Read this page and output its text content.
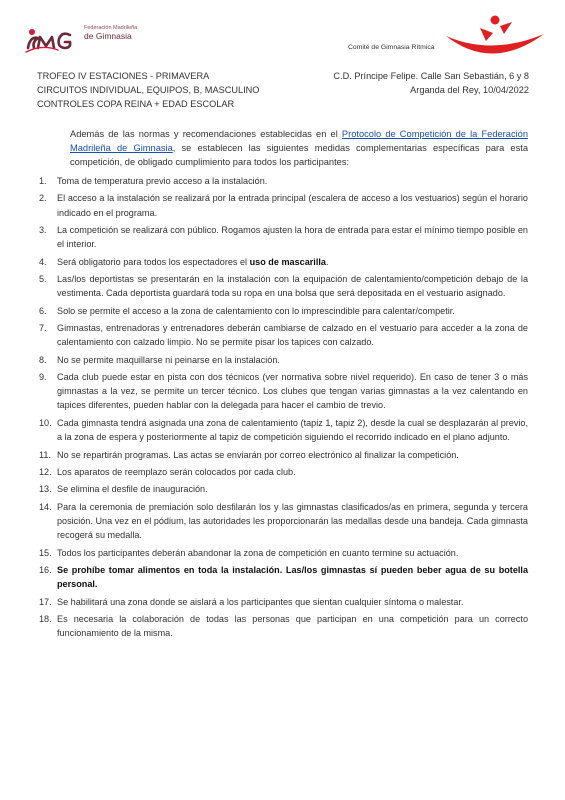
Federación Madrileña
de Gimnasia
Comité de Gimnasia Rítmica
TROFEO IV ESTACIONES - PRIMAVERA
CIRCUITOS INDIVIDUAL, EQUIPOS, B, MASCULINO
CONTROLES COPA REINA + EDAD ESCOLAR
C.D. Príncipe Felipe. Calle San Sebastián, 6 y 8
Arganda del Rey, 10/04/2022
Además de las normas y recomendaciones establecidas en el Protocolo de Competición de la Federación Madrileña de Gimnasia, se establecen las siguientes medidas complementarias específicas para esta competición, de obligado cumplimiento para todos los participantes:
1.	Toma de temperatura previo acceso a la instalación.
2.	El acceso a la instalación se realizará por la entrada principal (escalera de acceso a los vestuarios) según el horario indicado en el programa.
3.	La competición se realizará con público. Rogamos ajusten la hora de entrada para estar el mínimo tiempo posible en el interior.
4.	Será obligatorio para todos los espectadores el uso de mascarilla.
5.	Las/los deportistas se presentarán en la instalación con la equipación de calentamiento/competición debajo de la vestimenta. Cada deportista guardará toda su ropa en una bolsa que será depositada en el vestuario asignado.
6.	Solo se permite el acceso a la zona de calentamiento con lo imprescindible para calentar/competir.
7.	Gimnastas, entrenadoras y entrenadores deberán cambiarse de calzado en el vestuario para acceder a la zona de calentamiento con calzado limpio. No se permite pisar los tapices con calzado.
8.	No se permite maquillarse ni peinarse en la instalación.
9.	Cada club puede estar en pista con dos técnicos (ver normativa sobre nivel requerido). En caso de tener 3 o más gimnastas a la vez, se permite un tercer técnico. Los clubes que tengan varias gimnastas a la vez calentando en tapices diferentes, pueden hablar con la delegada para hacer el cambio de trevio.
10. Cada gimnasta tendrá asignada una zona de calentamiento (tapiz 1, tapiz 2), desde la cual se desplazarán al previo, a la zona de espera y posteriormente al tapiz de competición siguiendo el recorrido indicado en el plano adjunto.
11. No se repartirán programas. Las actas se enviarán por correo electrónico al finalizar la competición.
12. Los aparatos de reemplazo serán colocados por cada club.
13. Se elimina el desfile de inauguración.
14. Para la ceremonia de premiación solo desfilarán los y las gimnastas clasificados/as en primera, segunda y tercera posición. Una vez en el pódium, las autoridades les proporcionarán las medallas desde una bandeja. Cada gimnasta recogerá su medalla.
15. Todos los participantes deberán abandonar la zona de competición en cuanto termine su actuación.
16. Se prohíbe tomar alimentos en toda la instalación. Las/los gimnastas sí pueden beber agua de su botella personal.
17. Se habilitará una zona donde se aislará a los participantes que sientan cualquier síntoma o malestar.
18. Es necesaria la colaboración de todas las personas que participan en una competición para un correcto funcionamiento de la misma.
